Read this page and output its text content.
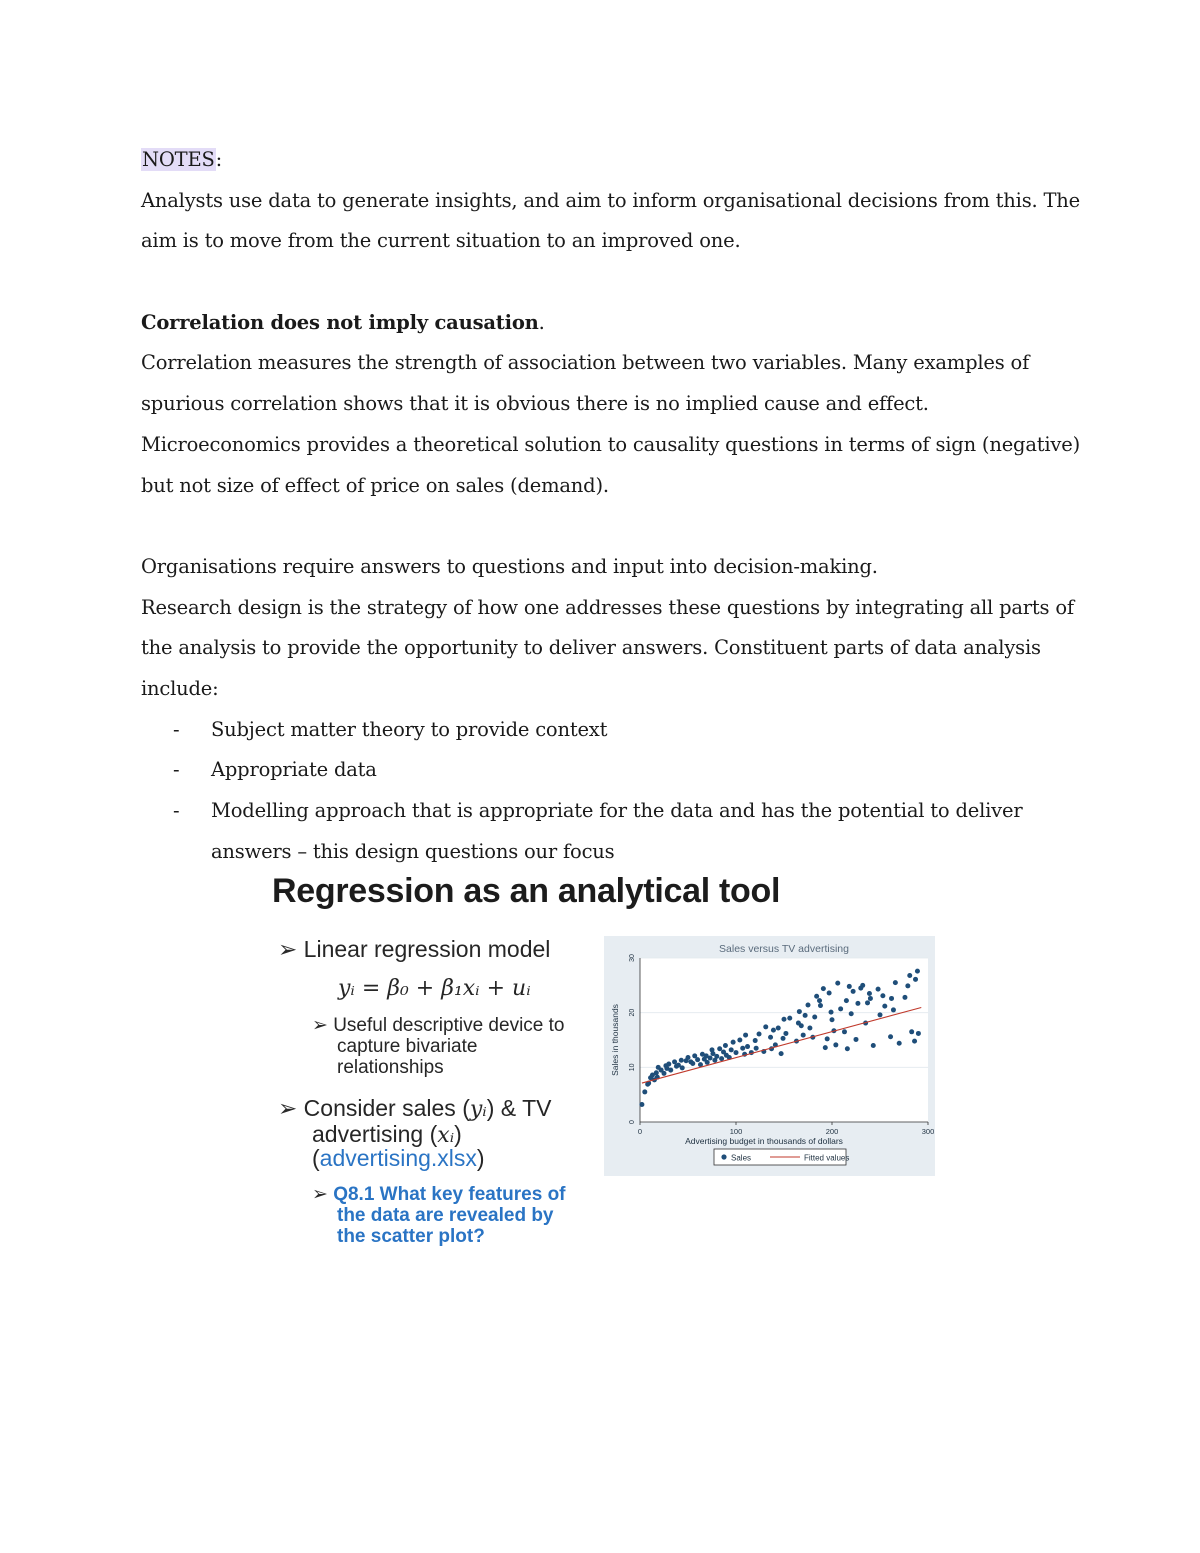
NOTES:
Analysts use data to generate insights, and aim to inform organisational decisions from this. The
aim is to move from the current situation to an improved one.
Correlation does not imply causation.
Correlation measures the strength of association between two variables. Many examples of
spurious correlation shows that it is obvious there is no implied cause and effect.
Microeconomics provides a theoretical solution to causality questions in terms of sign (negative)
but not size of effect of price on sales (demand).
Organisations require answers to questions and input into decision-making.
Research design is the strategy of how one addresses these questions by integrating all parts of
the analysis to provide the opportunity to deliver answers. Constituent parts of data analysis
include:
-	Subject matter theory to provide context
-	Appropriate data
-	Modelling approach that is appropriate for the data and has the potential to deliver
answers – this design questions our focus
Regression as an analytical tool
➢ Linear regression model
yᵢ = β₀ + β₁xᵢ + uᵢ
➢ Useful descriptive device to
capture bivariate
relationships
➢ Consider sales (yᵢ) & TV
advertising (xᵢ)
(advertising.xlsx)
➢ Q8.1 What key features of
the data are revealed by
the scatter plot?
Sales versus TV advertising
Advertising budget in thousands of dollars
Sales in thousands
0
10
20
30
0	100	200	300
Sales	Fitted values
